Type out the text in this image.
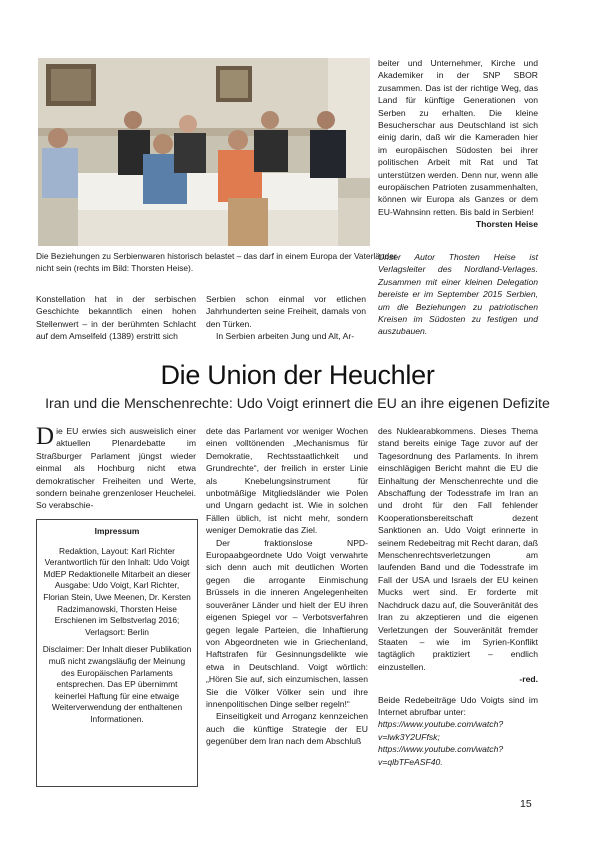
Die Beziehungen zu Serbienwaren historisch belastet – das darf in einem Europa der Vaterländer nicht sein (rechts im Bild: Thorsten Heise).

beiter und Unternehmer, Kirche und Akademiker in der SNP SBOR zusammen. Das ist der richtige Weg, das Land für künftige Generationen von Serben zu erhalten. Die kleine Besucherschar aus Deutschland ist sich einig darin, daß wir die Kameraden hier im europäischen Südosten bei ihrer politischen Arbeit mit Rat und Tat unterstützen werden. Denn nur, wenn alle europäischen Patrioten zusammenhalten, können wir Europa als Ganzes or dem EU-Wahnsinn retten. Bis bald in Serbien!

Thorsten Heise

Unser Autor Thosten Heise ist Verlagsleiter des Nordland-Verlages. Zusammen mit einer kleinen Delegation bereiste er im September 2015 Serbien, um die Beziehungen zu patriotischen Kreisen im Südosten zu festigen und auszubauen.

Konstellation hat in der serbischen Geschichte bekanntlich einen hohen Stellenwert – in der berühmten Schlacht auf dem Amselfeld (1389) erstritt sich

Serbien schon einmal vor etlichen Jahrhunderten seine Freiheit, damals von den Türken.

In Serbien arbeiten Jung und Alt, Ar-

Die Union der Heuchler
Iran und die Menschenrechte: Udo Voigt erinnert die EU an ihre eigenen Defizite

Die EU erwies sich ausweislich einer aktuellen Plenardebatte im Straßburger Parlament jüngst wieder einmal als Hochburg nicht etwa demokratischer Freiheiten und Werte, sondern beinahe grenzenloser Heuchelei. So verabschie-

Impressum
Redaktion, Layout: Karl Richter Verantwortlich für den Inhalt: Udo Voigt MdEP Redaktionelle Mitarbeit an dieser Ausgabe: Udo Voigt, Karl Richter, Florian Stein, Uwe Meenen, Dr. Kersten Radzimanowski, Thorsten Heise Erschienen im Selbstverlag 2016; Verlagsort: Berlin
Disclaimer: Der Inhalt dieser Publikation muß nicht zwangsläufig der Meinung des Europäischen Parlaments entsprechen. Das EP übernimmt keinerlei Haftung für eine etwaige Weiterverwendung der enthaltenen Informationen.

dete das Parlament vor weniger Wochen einen volltönenden „Mechanismus für Demokratie, Rechtsstaatlichkeit und Grundrechte“, der freilich in erster Linie als Knebelungsinstrument für unbotmäßige Mitgliedsländer wie Polen und Ungarn gedacht ist. Wie in solchen Fällen üblich, ist nicht mehr, sondern weniger Demokratie das Ziel.

Der fraktionslose NPD-Europaabgeordnete Udo Voigt verwahrte sich denn auch mit deutlichen Worten gegen die arrogante Einmischung Brüssels in die inneren Angelegenheiten souveräner Länder und hielt der EU ihren eigenen Spiegel vor – Verbotsverfahren gegen legale Parteien, die Inhaftierung von Abgeordneten wie in Griechenland, Haftstrafen für Gesinnungsdelikte wie etwa in Deutschland. Voigt wörtlich: „Hören Sie auf, sich einzumischen, lassen Sie die Völker Völker sein und ihre innenpolitischen Dinge selber regeln!“

Einseitigkeit und Arroganz kennzeichen auch die künftige Strategie der EU gegenüber dem Iran nach dem Abschluß

des Nuklearabkommens. Dieses Thema stand bereits einige Tage zuvor auf der Tagesordnung des Parlaments. In ihrem einschlägigen Bericht mahnt die EU die Einhaltung der Menschenrechte und die Abschaffung der Todesstrafe im Iran an und droht für den Fall fehlender Kooperationsbereitschaft dezent Sanktionen an. Udo Voigt erinnerte in seinem Redebeitrag mit Recht daran, daß Menschenrechtsverletzungen am laufenden Band und die Todesstrafe im Fall der USA und Israels der EU keinen Mucks wert sind. Er forderte mit Nachdruck dazu auf, die Souveränität des Iran zu akzeptieren und die eigenen Verletzungen der Souveränität fremder Staaten – wie im Syrien-Konflikt tagtäglich praktiziert – endlich einzustellen.

-red.

Beide Redebeiträge Udo Voigts sind im Internet abrufbar unter:

https://www.youtube.com/watch?v=lwk3Y2UFfsk;

https://www.youtube.com/watch?v=qlbTFeASF40.

15
